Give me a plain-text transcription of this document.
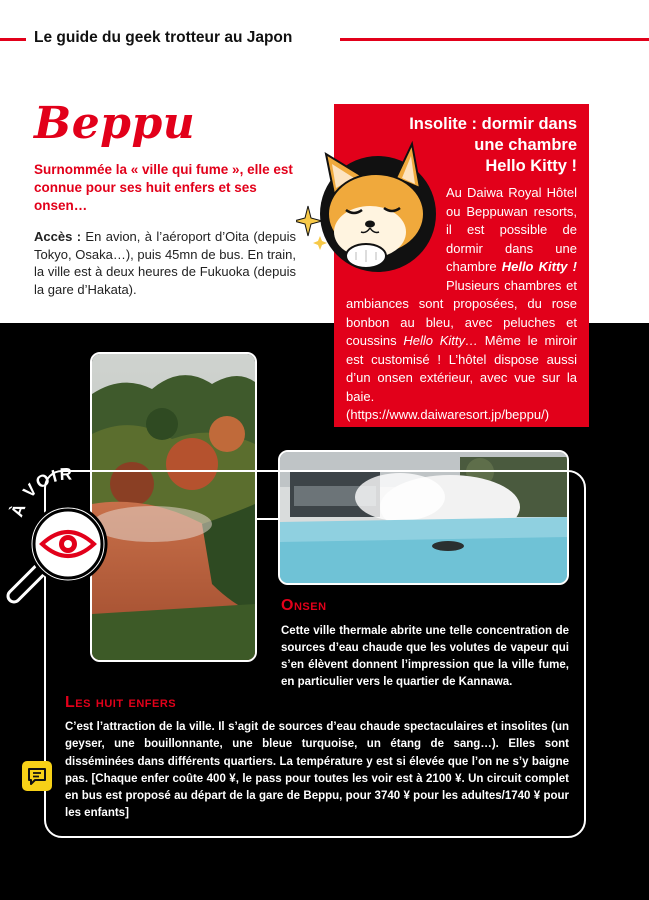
Le guide du geek trotteur au Japon
Beppu
Surnommée la « ville qui fume », elle est connue pour ses huit enfers et ses onsen…
Accès : En avion, à l’aéroport d’Oita (depuis Tokyo, Osaka…), puis 45mn de bus. En train, la ville est à deux heures de Fukuoka (depuis la gare d’Hakata).
Insolite : dormir dans
une chambre
Hello Kitty !
Au Daiwa Royal Hôtel ou Beppuwan resorts, il est possible de dormir dans une chambre Hello Kitty ! Plusieurs chambres et ambiances sont proposées, du rose bonbon au bleu, avec peluches et coussins Hello Kitty… Même le miroir est customisé ! L’hôtel dispose aussi d’un onsen extérieur, avec vue sur la baie. (https://www.daiwaresort.jp/beppu/)
À VOIR
Onsen
Cette ville thermale abrite une telle concentration de sources d’eau chaude que les volutes de vapeur qui s’en élèvent donnent l’impression que la ville fume, en particulier vers le quartier de Kannawa.
Les huit enfers
C’est l’attraction de la ville. Il s’agit de sources d’eau chaude spectaculaires et insolites (un geyser, une bouillonnante, une bleue turquoise, un étang de sang…). Elles sont disséminées dans différents quartiers. La température y est si élevée que l’on ne s’y baigne pas. [Chaque enfer coûte 400 ¥, le pass pour toutes les voir est à 2100 ¥. Un circuit complet en bus est proposé au départ de la gare de Beppu, pour 3740 ¥ pour les adultes/1740 ¥ pour les enfants]
